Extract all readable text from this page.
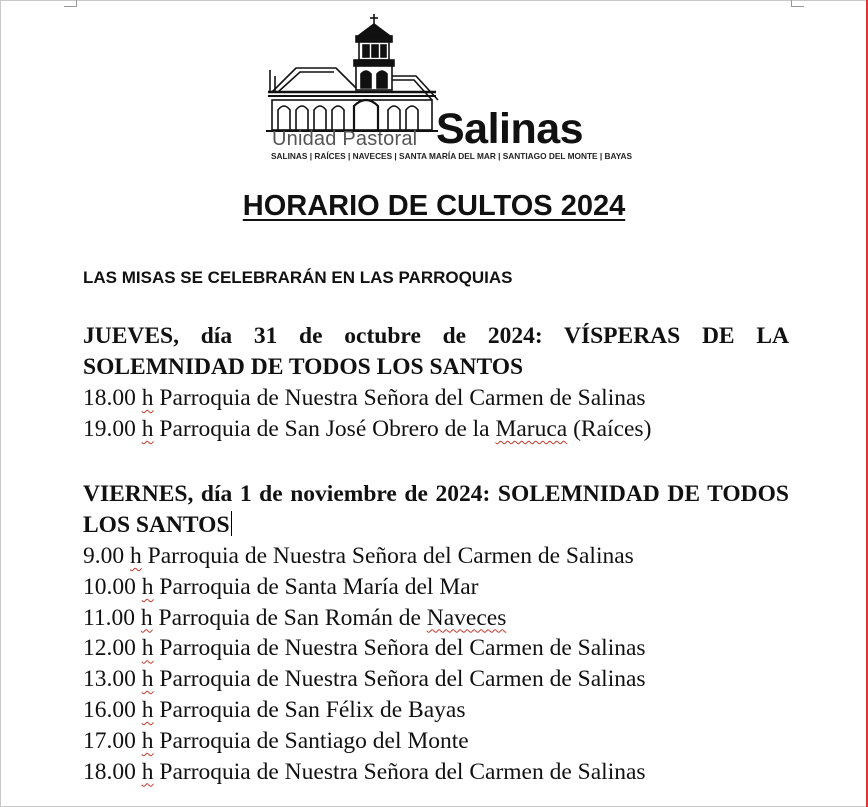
Unidad Pastoral Salinas
SALINAS | RAÍCES | NAVECES | SANTA MARÍA DEL MAR | SANTIAGO DEL MONTE | BAYAS
HORARIO DE CULTOS 2024

LAS MISAS SE CELEBRARÁN EN LAS PARROQUIAS

JUEVES, día 31 de octubre de 2024: VÍSPERAS DE LA SOLEMNIDAD DE TODOS LOS SANTOS

18.00 h Parroquia de Nuestra Señora del Carmen de Salinas
19.00 h Parroquia de San José Obrero de la Maruca (Raíces)

VIERNES, día 1 de noviembre de 2024: SOLEMNIDAD DE TODOS LOS SANTOS

9.00 h Parroquia de Nuestra Señora del Carmen de Salinas
10.00 h Parroquia de Santa María del Mar
11.00 h Parroquia de San Román de Naveces
12.00 h Parroquia de Nuestra Señora del Carmen de Salinas
13.00 h Parroquia de Nuestra Señora del Carmen de Salinas
16.00 h Parroquia de San Félix de Bayas
17.00 h Parroquia de Santiago del Monte
18.00 h Parroquia de Nuestra Señora del Carmen de Salinas
